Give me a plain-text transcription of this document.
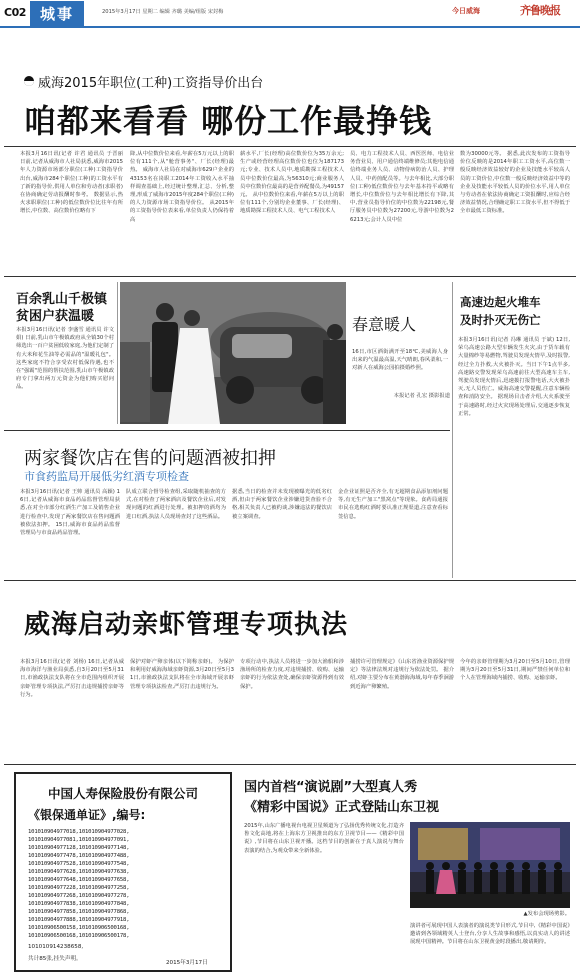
C02 城事	2015年3月17日 星期二 编辑 齐璐 美编/组版 宋封梅	今日威海	齐鲁晚报
威海2015年职位(工种)工资指导价出台
咱都来看看 哪份工作最挣钱
本报3月16日讯(记者 许君 通讯员 于晋丽 日前,记者从威海市人社局获悉,威海市2015年人力资源市场部分职位(工种)工资指导价出台,威海市284个职位(工种)的工资水平有了新的指导价,供用人单位和劳动者(求职者)在协商确定劳动报酬时参考。 数据显示,热火求职职位(工种)的低位数价位比往年有所增长,中位数、高位数价位略有下
降,从中位数价位来看,年薪在5万元以上的职位有111个,从"舱营事务"、厂长(经理)最热。 威海市人社局在对威海市629户企业的43153名在岗职工2014年工资收入水平抽样调查基础上,经过统计整理,汇总、分析,整理,形成了威海市2015年度284个职位(工种)的人力资源市场工资指导价位。 从2015年的工资指导价位表来看,单位负责人仍保持着高
薪水平,厂长(经理)高位数价位为35万余元;生产或经营经理高位数价位也位为187173元;专业、技术人员中,地质勘探工程技术人员中位数价位最高,为56310元;商业服务人员中位数价位最高的是营养配餐员,为49157元。 从中位数价位来看,年薪在5万以上的职位有111个,分别均企业董事、厂长(经理)、地质勘探工程技术人员、电气工程技术人
员、电力工程技术人员、西医医师、电信业务营业员、用户通信终端维修员;其他电信通信终端业务人员、动物侍病防治人员、护理人员、中药煎配员等。与去年相比,大部分职位(工种)低位数价位与去年基本持平或略有增长,中位数价位与去年相比增长有下降,其中,营业员指导价位的中位数为22198元,餐厅服务员中位数为27200元,导游中位数为26213元;会计人员中位
数为30000元等。 据悉,此次发布的工资指导价位反映的是2014年职工工资水平,高位数一般反映经济效益较好的企业及技能水平较高人员的工资价位,中位数一般反映经济效益中等的企业及技能水平较低人员的价位水平,用人单位与劳动者在依法协商确定工资报酬时,应综合经济效益情况,合理确定职工工资水平,但不得低于全市最低工资标准。
百余乳山千极镇
贫困户获温暖
本报3月16日讯(记者 李盛雪 通讯员 许文娟) 日前,乳山市午极镇政府从全镇30个村筛选出一百户贫困低收家庭,为他们定制了有大米和花生油等必需品的"温暖礼包"。 这些家庭不符合享受农村低保待遇,也不在"强霸"范围的帮扶范围,乳山市午极镇政府专门拿出两万元资金为他们购买慰问品。
春意暖人
16日,市区酒街满开至18℃,美威海人身出来的气温最高温,天气晴朗,春风柔和,一对新人在威海公园拍摄婚纱照。
本报记者 孔宏 摄影报道
高速边起火堆车
及时扑灭无伤亡
本报3月16日讯(记者 冯琳 通讯员 于斌) 12日,荣乌高速公路大型车辆发生火灾,由于货车载有大量棉纱等易燃物,驾驶员发现火情早,及时报警,经过全力扑救,大火被扑灭。当日下午1点半多,高速路交警发现荣乌高速前往大型高速车主车,驾驶员发现火情后,迅速拨打报警电话,大火被扑灭,无人员伤亡。威海高速交警提醒,注意车辆检查和消防安全。 据现场目击者介绍,大火系驶至于高速路时,经过火灾现场处理后,交通逐步恢复正常。
两家餐饮店在售的问题酒被扣押
市食药监局开展低劣红酒专项检查
本报3月16日讯(记者 王帅 通讯员 高颖) 16日,记者从威海市食品药品监督管理局获悉,在对全市部分红酒生产加工及销售企业进行检查中,发现了两家餐饮店在售问题酒被依法扣押。 15日,威海市食品药品监督管理局与市食品药品管理。
队成立联合督导检查组,采取随机抽查的方式,在对检查了两家酒店及餐饮企业后,对发现问题的红酒进行处理。被扣押的酒均为进口红酒,执法人员现场查封了这些酒品。
据悉,当日的检查并未发现被曝光的低劣红酒,但由于两家餐饮企业涉嫌进货查验不合格,相关负责人已被约谈,涉嫌违法的餐饮店被立案调查。
金企业证照是否齐全,有无超期食品添加剂问题等,有无生产加工"黑窝点"等现象。食药局通报市民在选购红酒时要认准正规渠道,注意查看标签信息。
威海启动亲虾管理专项执法
本报3月16日讯(记者 刘杨) 16日,记者从威海市海洋与渔业局获悉,自3月20日至5月31日,市渔政执法支队将在全市范围内组织开展亲虾管理专项执法,严厉打击违规捕捞亲虾等行为。
保护对虾产卵亲体(以下简称亲虾)。 为保护和利用好威海海域亲虾资源,3月20日至5月31日,市渔政执法支队将在全市海域开展亲虾管理专项执法检查,严厉打击违规行为。
专项行动中,执法人员将进一步加大渔船和涉渔场所的检查力度,对违规捕捞、收购、运输亲虾的行为依法查处,确保亲虾资源得到有效保护。
捕捞许可管理规定》《山东省渔业资源保护规定》等法律法规对违规行为依法处罚。 据介绍,对虾主要分布在黄渤海海域,每年春季洄游到近海产卵繁殖。
今年的亲虾管理期为3月20日至5月10日,管理期为3月20日至5月31日,期间严禁任何单位和个人在管理海域内捕捞、收购、运输亲虾。
中国人寿保险股份有限公司
《银保通单证》,编号:
101010904977018,101010904977028,
101010904977081,101010904977091,
101010904977128,101010904977148,
101010904977478,101010904977488,
101010904977528,101010904977548,
101010904977628,101010904977638,
101010904977648,101010904977658,
101010904977228,101010904977258,
101010904977268,101010904977278,
101010904977838,101010904977848,
101010904977858,101010904977868,
101010904977888,101010904977918,
101010906500158,101010906500168,
101010906500168,101010906500178,
101010914238658,
共计85张,挂失声明。
2015年3月17日
国内首档“演说剧”大型真人秀
《精彩中国说》正式登陆山东卫视
2015年,山东广播电视台电视卫星频道为了弘扬优秀传统文化,打造齐鲁文化高地,将在上海东方卫视推出的东方卫视节目——《精彩中国说》,节目将在山东卫视开播。这档节目的创新在于真人演说与舞台表演的结合,为观众带来全新体验。
▲发布会现场剪影。
演讲者可展现中国人表演者的演说类节目形式,节目中,《精彩中国说》邀请到各领域精英人士登台,分享人生故事和感悟,以真实动人的讲述展现中国精神。节目将在山东卫视黄金时段播出,敬请期待。
